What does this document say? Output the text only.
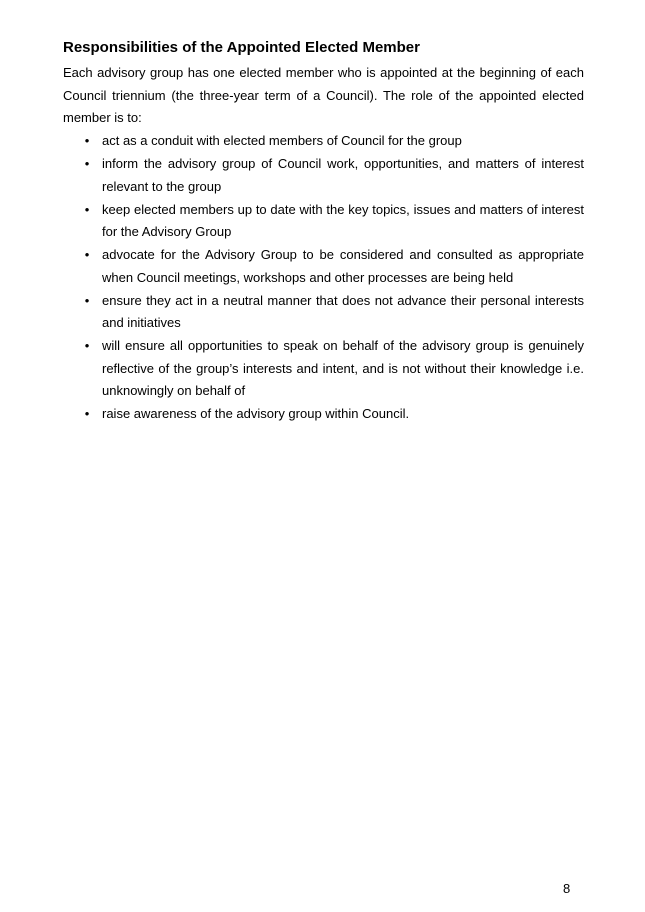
Responsibilities of the Appointed Elected Member

Each advisory group has one elected member who is appointed at the beginning of each Council triennium (the three-year term of a Council). The role of the appointed elected member is to:

• act as a conduit with elected members of Council for the group
• inform the advisory group of Council work, opportunities, and matters of interest relevant to the group
• keep elected members up to date with the key topics, issues and matters of interest for the Advisory Group
• advocate for the Advisory Group to be considered and consulted as appropriate when Council meetings, workshops and other processes are being held
• ensure they act in a neutral manner that does not advance their personal interests and initiatives
• will ensure all opportunities to speak on behalf of the advisory group is genuinely reflective of the group’s interests and intent, and is not without their knowledge i.e. unknowingly on behalf of
• raise awareness of the advisory group within Council.
8
